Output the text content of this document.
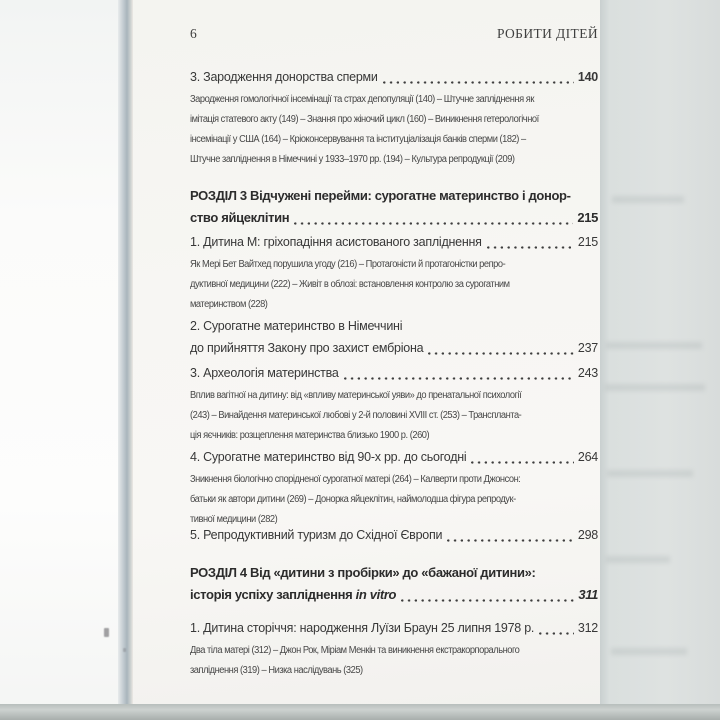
6	РОБИТИ ДІТЕЙ
3. Зародження донорства сперми	140
Зародження гомологічної інсемінації та страх депопуляції (140) – Штучне запліднення як
імітація статевого акту (149) – Знання про жіночий цикл (160) – Виникнення гетерологічної
інсемінації у США (164) – Кріоконсервування та інституціалізація банків сперми (182) –
Штучне запліднення в Німеччині у 1933–1970 рр. (194) – Культура репродукції (209)
РОЗДІЛ 3 Відчужені перейми: сурогатне материнство і донор-
ство яйцеклітин	215
1. Дитина М: гріхопадіння асистованого запліднення	215
Як Мері Бет Вайтхед порушила угоду (216) – Протагоністи й протагоністки репро-
дуктивної медицини (222) – Живіт в облозі: встановлення контролю за сурогатним
материнством (228)
2. Сурогатне материнство в Німеччині
до прийняття Закону про захист ембріона	237
3. Археологія материнства	243
Вплив вагітної на дитину: від «впливу материнської уяви» до пренатальної психології
(243) – Винайдення материнської любові у 2-й половині XVIII ст. (253) – Транспланта-
ція яєчників: розщеплення материнства близько 1900 р. (260)
4. Сурогатне материнство від 90-х рр. до сьогодні	264
Зникнення біологічно спорідненої сурогатної матері (264) – Калверти проти Джонсон:
батьки як автори дитини (269) – Донорка яйцеклітин, наймолодша фігура репродук-
тивної медицини (282)
5. Репродуктивний туризм до Східної Європи	298
РОЗДІЛ 4 Від «дитини з пробірки» до «бажаної дитини»:
історія успіху запліднення in vitro	311
1. Дитина сторіччя: народження Луїзи Браун 25 липня 1978 р.	312
Два тіла матері (312) – Джон Рок, Міріам Менкін та виникнення екстракорпорального
запліднення (319) – Низка наслідувань (325)
